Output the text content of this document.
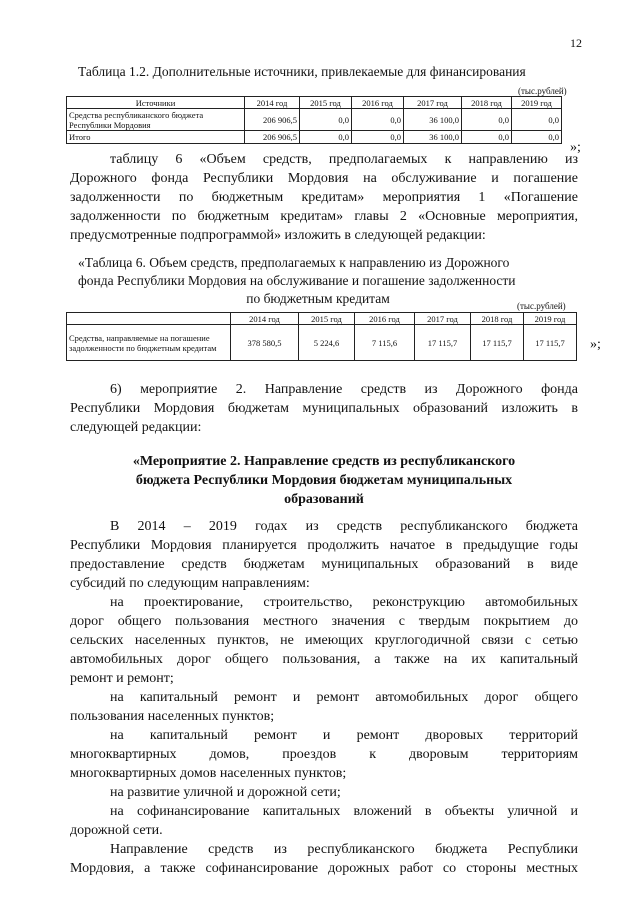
12
Таблица 1.2. Дополнительные источники, привлекаемые для финансирования
(тыс.рублей)
Источники	2014 год	2015 год	2016 год	2017 год	2018 год	2019 год
Средства республиканского бюджета Республики Мордовия	206 906,5	0,0	0,0	36 100,0	0,0	0,0
Итого	206 906,5	0,0	0,0	36 100,0	0,0	0,0
»;
таблицу 6 «Объем средств, предполагаемых к направлению из
Дорожного фонда Республики Мордовия на обслуживание и погашение
задолженности по бюджетным кредитам» мероприятия 1 «Погашение
задолженности по бюджетным кредитам» главы 2 «Основные мероприятия,
предусмотренные подпрограммой» изложить в следующей редакции:
«Таблица 6. Объем средств, предполагаемых к направлению из Дорожного
фонда Республики Мордовия на обслуживание и погашение задолженности
по бюджетным кредитам	(тыс.рублей)
	2014 год	2015 год	2016 год	2017 год	2018 год	2019 год
Средства, направляемые на погашение задолженности по бюджетным кредитам	378 580,5	5 224,6	7 115,6	17 115,7	17 115,7	17 115,7 »;
6) мероприятие 2. Направление средств из Дорожного фонда
Республики Мордовия бюджетам муниципальных образований изложить в
следующей редакции:
«Мероприятие 2. Направление средств из республиканского
бюджета Республики Мордовия бюджетам муниципальных
образований
В 2014 – 2019 годах из средств республиканского бюджета
Республики Мордовия планируется продолжить начатое в предыдущие годы
предоставление средств бюджетам муниципальных образований в виде
субсидий по следующим направлениям:
на проектирование, строительство, реконструкцию автомобильных
дорог общего пользования местного значения с твердым покрытием до
сельских населенных пунктов, не имеющих круглогодичной связи с сетью
автомобильных дорог общего пользования, а также на их капитальный
ремонт и ремонт;
на капитальный ремонт и ремонт автомобильных дорог общего
пользования населенных пунктов;
на капитальный ремонт и ремонт дворовых территорий
многоквартирных домов, проездов к дворовым территориям
многоквартирных домов населенных пунктов;
на развитие уличной и дорожной сети;
на софинансирование капитальных вложений в объекты уличной и
дорожной сети.
Направление средств из республиканского бюджета Республики
Мордовия, а также софинансирование дорожных работ со стороны местных
